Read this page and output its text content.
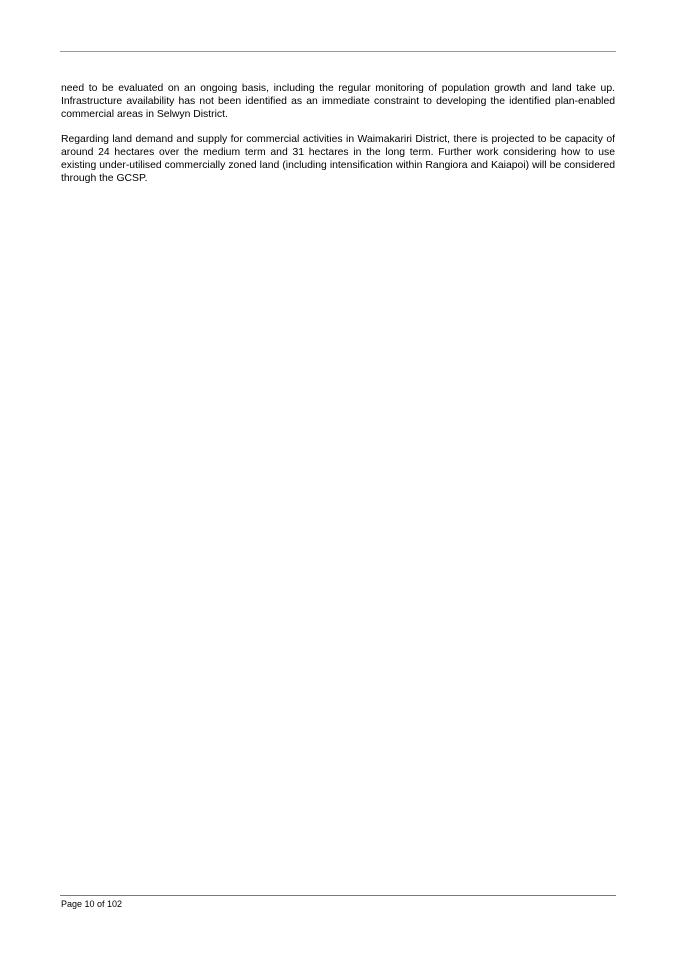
need to be evaluated on an ongoing basis, including the regular monitoring of population growth and land take up. Infrastructure availability has not been identified as an immediate constraint to developing the identified plan-enabled commercial areas in Selwyn District.

Regarding land demand and supply for commercial activities in Waimakariri District, there is projected to be capacity of around 24 hectares over the medium term and 31 hectares in the long term. Further work considering how to use existing under-utilised commercially zoned land (including intensification within Rangiora and Kaiapoi) will be considered through the GCSP.

Page 10 of 102
